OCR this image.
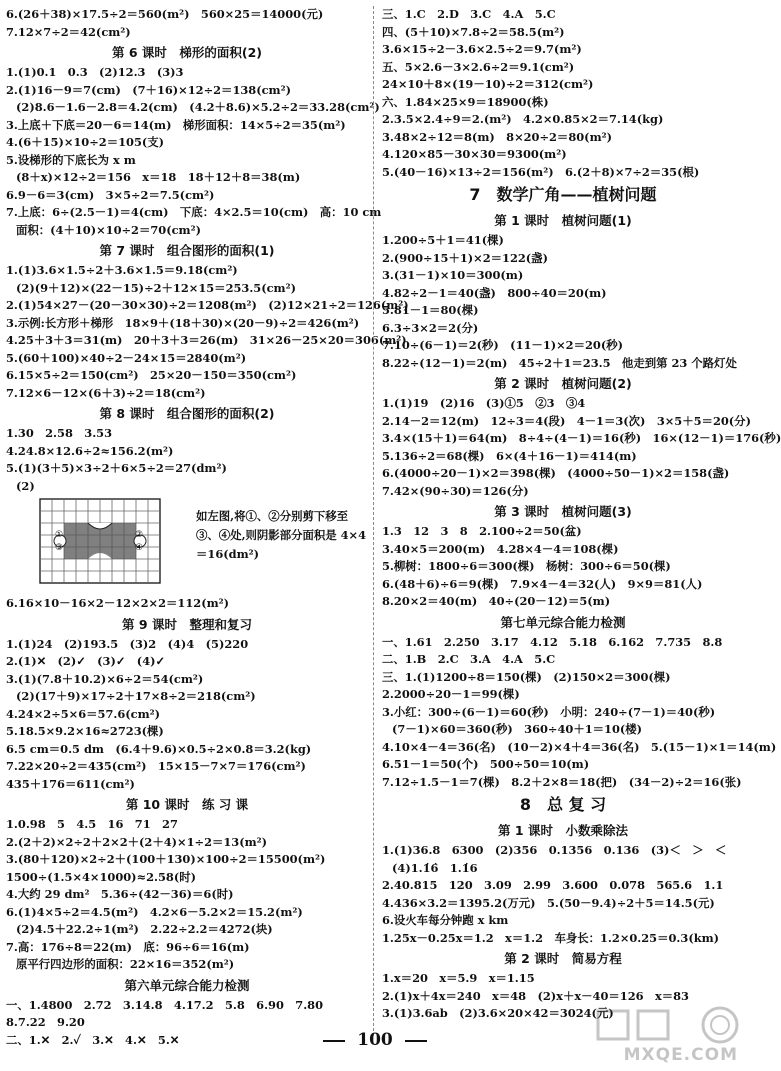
6.(26＋38)×17.5÷2＝560(m²)　560×25＝14000(元)
7.12×7÷2＝42(cm²)
第 6 课时　梯形的面积(2)
1.(1)0.1　0.3　(2)12.3　(3)3
2.(1)16－9＝7(cm)　(7＋16)×12÷2＝138(cm²)
(2)8.6－1.6－2.8＝4.2(cm)　(4.2＋8.6)×5.2÷2＝33.28(cm²)
3.上底＋下底＝20－6＝14(m)　梯形面积：14×5÷2＝35(m²)
4.(6＋15)×10÷2＝105(支)
5.设梯形的下底长为 x m
(8＋x)×12÷2＝156　x＝18　18＋12＋8＝38(m)
6.9－6＝3(cm)　3×5÷2＝7.5(cm²)
7.上底：6÷(2.5－1)＝4(cm)　下底：4×2.5＝10(cm)　高：10 cm
面积：(4＋10)×10÷2＝70(cm²)
第 7 课时　组合图形的面积(1)
1.(1)3.6×1.5÷2＋3.6×1.5＝9.18(cm²)
(2)(9＋12)×(22－15)÷2＋12×15＝253.5(cm²)
2.(1)54×27－(20－30×30)÷2＝1208(m²)　(2)12×21÷2＝126(m²)
3.示例:长方形＋梯形　18×9＋(18＋30)×(20－9)÷2＝426(m²)
4.25＋3＋3＝31(m)　20＋3＋3＝26(m)　31×26－25×20＝306(m²)
5.(60＋100)×40÷2－24×15＝2840(m²)
6.15×5÷2＝150(cm²)　25×20－150＝350(cm²)
7.12×6－12×(6＋3)÷2＝18(cm²)
第 8 课时　组合图形的面积(2)
1.30　2.58　3.53
4.24.8×12.6÷2≈156.2(m²)
5.(1)(3＋5)×3÷2＋6×5÷2＝27(dm²)
(2)
①	②
③	④
如左图,将①、②分别剪下移至③、④处,则阴影部分面积是 4×4＝16(dm²)
6.16×10－16×2－12×2×2＝112(m²)
第 9 课时　整理和复习
1.(1)24　(2)193.5　(3)2　(4)4　(5)220
2.(1)✕　(2)✓　(3)✓　(4)✓
3.(1)(7.8＋10.2)×6÷2＝54(cm²)
(2)(17＋9)×17÷2＋17×8÷2＝218(cm²)
4.24×2÷5×6＝57.6(cm²)
5.18.5×9.2×16≈2723(棵)
6.5 cm＝0.5 dm　(6.4＋9.6)×0.5÷2×0.8＝3.2(kg)
7.22×20÷2＝435(cm²)　15×15－7×7＝176(cm²)
435＋176＝611(cm²)
第 10 课时　练 习 课
1.0.98　5　4.5　16　71　27
2.(2＋2)×2÷2＋2×2＋(2＋4)×1÷2＝13(m²)
3.(80＋120)×2÷2＋(100＋130)×100÷2＝15500(m²)
1500÷(1.5×4×1000)≈2.58(时)
4.大约 29 dm²　5.36÷(42－36)＝6(时)
6.(1)4×5÷2＝4.5(m²)　4.2×6－5.2×2＝15.2(m²)
(2)4.5＋22.2÷1(m²)　2.22÷2.2＝4272(块)
7.高：176÷8＝22(m)　底：96÷6＝16(m)
原平行四边形的面积：22×16＝352(m²)
第六单元综合能力检测
一、1.4800　2.72　3.14.8　4.17.2　5.8　6.90　7.80
8.7.22　9.20
二、1.✕　2.✓　3.✕　4.✕　5.✕
三、1.C　2.D　3.C　4.A　5.C
四、(5＋10)×7.8÷2＝58.5(m²)
3.6×15÷2－3.6×2.5÷2＝9.7(m²)
五、5×2.6－3×2.6÷2＝9.1(cm²)
24×10＋8×(19－10)÷2＝312(cm²)
六、1.84×25×9＝18900(株)
2.3.5×2.4÷9＝2.(m²)　4.2×0.85×2＝7.14(kg)
3.48×2÷12＝8(m)　8×20÷2＝80(m²)
4.120×85－30×30＝9300(m²)
5.(40－16)×13÷2＝156(m²)　6.(2＋8)×7÷2＝35(根)
7　数学广角——植树问题
第 1 课时　植树问题(1)
1.200÷5＋1＝41(棵)
2.(900÷15＋1)×2＝122(盏)
3.(31－1)×10＝300(m)
4.82÷2－1＝40(盏)　800÷40＝20(m)
5.81－1＝80(棵)
6.3÷3×2＝2(分)
7.10÷(6－1)＝2(秒)　(11－1)×2＝20(秒)
8.22÷(12－1)＝2(m)　45÷2＋1＝23.5　他走到第 23 个路灯处
第 2 课时　植树问题(2)
1.(1)19　(2)16　(3)①5　②3　③4
2.14－2＝12(m)　12÷3＝4(段)　4－1＝3(次)　3×5＋5＝20(分)
3.4×(15＋1)＝64(m)　8÷4÷(4－1)＝16(秒)　16×(12－1)＝176(秒)
5.136÷2＝68(棵)　6×(4＋16－1)＝414(m)
6.(4000÷20－1)×2＝398(棵)　(4000÷50－1)×2＝158(盏)
7.42×(90÷30)＝126(分)
第 3 课时　植树问题(3)
1.3　12　3　8　2.100÷2＝50(盆)
3.40×5＝200(m)　4.28×4－4＝108(棵)
5.柳树：1800÷6＝300(棵)　杨树：300÷6＝50(棵)
6.(48＋6)÷6＝9(棵)　7.9×4－4＝32(人)　9×9＝81(人)
8.20×2＝40(m)　40÷(20－12)＝5(m)
第七单元综合能力检测
一、1.61　2.250　3.17　4.12　5.18　6.162　7.735　8.8
二、1.B　2.C　3.A　4.A　5.C
三、1.(1)1200÷8＝150(棵)　(2)150×2＝300(棵)
2.2000÷20－1＝99(棵)
3.小红：300÷(6－1)＝60(秒)　小明：240÷(7－1)＝40(秒)
(7－1)×60＝360(秒)　360÷40＋1＝10(楼)
4.10×4－4＝36(名)　(10－2)×4＋4＝36(名)　5.(15－1)×1＝14(m)
6.51－1＝50(个)　500÷50＝10(m)
7.12÷1.5－1＝7(棵)　8.2＋2×8＝18(把)　(34－2)÷2＝16(张)
8　总 复 习
第 1 课时　小数乘除法
1.(1)36.8　6300　(2)356　0.1356　0.136　(3)＜　＞　＜
(4)1.1̇6̇　1.1̇6
2.40.815　120　3.09　2.99　3.600　0.078　565.6　1.1
4.436×3.2＝1395.2(万元)　5.(50－9.4)÷2＋5＝14.5(元)
6.设火车每分钟跑 x km
1.25x－0.25x＝1.2　x＝1.2　车身长：1.2×0.25＝0.3(km)
第 2 课时　简易方程
1.x＝20　x＝5.9　x＝1.15
2.(1)x＋4x＝240　x＝48　(2)x＋x－40＝126　x＝83
3.(1)3.6ab　(2)3.6×20×42＝3024(元)
100
MXQE.COM
